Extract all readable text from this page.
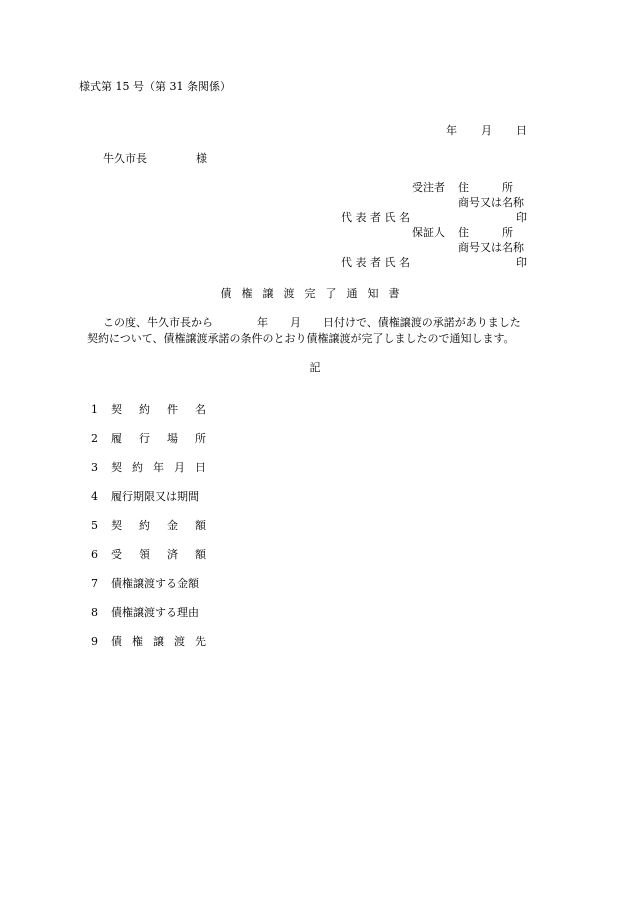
様式第 15 号（第 31 条関係）
年 月 日
牛久市長	様
受注者 住　　　所
商号又は名称
代 表 者 氏 名	印
保証人 住　　　所
商号又は名称
代 表 者 氏 名	印
債権譲渡完了通知書
この度、牛久市長から　　　　年　　月　　日付けで、債権譲渡の承諾がありました
契約について、債権譲渡承諾の条件のとおり債権譲渡が完了しましたので通知します。
記
1 契約件名
2 履行場所
3 契約年月日
4 履行期限又は期間
5 契約金額
6 受領済額
7 債権譲渡する金額
8 債権譲渡する理由
9 債権譲渡先
